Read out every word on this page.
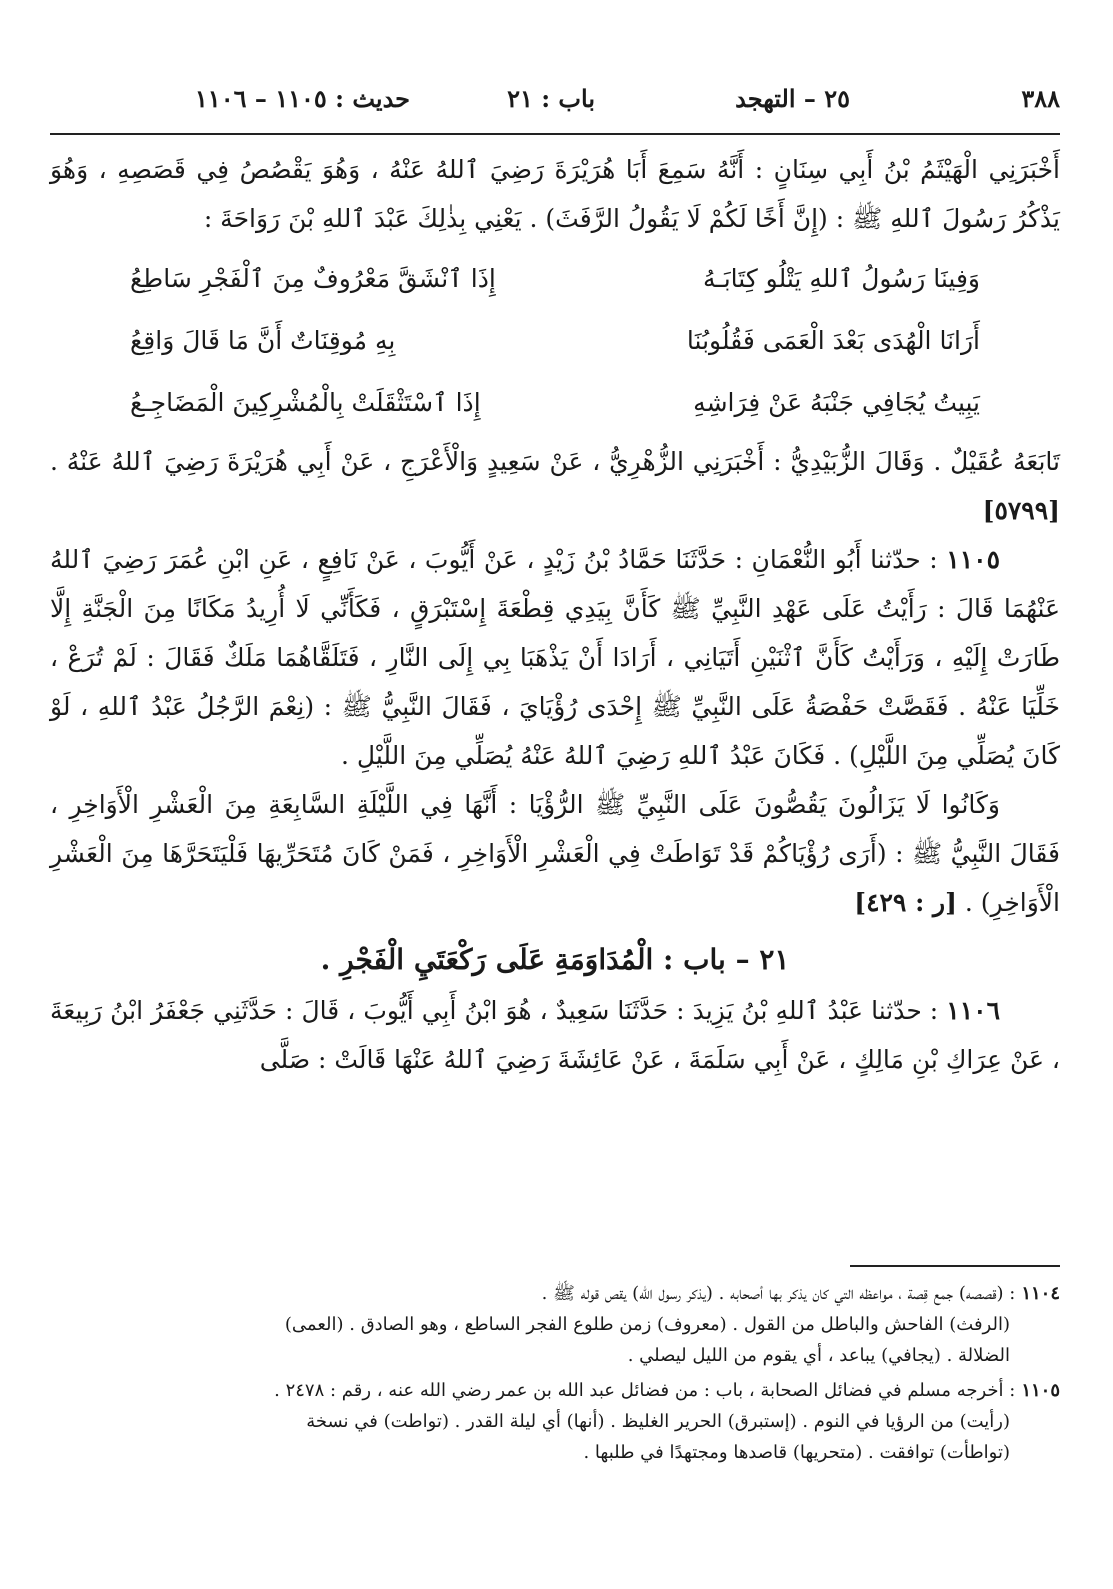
٣٨٨
٢٥ – التهجد
باب : ٢١
حديث : ١١٠٥ – ١١٠٦

أَخْبَرَنِي الْهَيْثَمُ بْنُ أَبِي سِنَانٍ : أَنَّهُ سَمِعَ أَبَا هُرَيْرَةَ رَضِيَ ٱللهُ عَنْهُ ، وَهُوَ يَقْصُصُ فِي قَصَصِهِ ، وَهُوَ يَذْكُرُ رَسُولَ ٱللهِ ﷺ : (إِنَّ أَخًا لَكُمْ لَا يَقُولُ الرَّفَثَ) . يَعْنِي بِذٰلِكَ عَبْدَ ٱللهِ بْنَ رَوَاحَةَ :

وَفِينَا رَسُولُ ٱللهِ يَتْلُو كِتَابَـهُ
إِذَا ٱنْشَقَّ مَعْرُوفٌ مِنَ ٱلْفَجْرِ سَاطِعُ
أَرَانَا الْهُدَى بَعْدَ الْعَمَى فَقُلُوبُنَا
بِهِ مُوقِنَاتٌ أَنَّ مَا قَالَ وَاقِعُ
يَبِيتُ يُجَافِي جَنْبَهُ عَنْ فِرَاشِهِ
إِذَا ٱسْتَثْقَلَتْ بِالْمُشْرِكِينَ الْمَضَاجِـعُ

تَابَعَهُ عُقَيْلٌ . وَقَالَ الزُّبَيْدِيُّ : أَخْبَرَنِي الزُّهْرِيُّ ، عَنْ سَعِيدٍ وَالْأَعْرَجِ ، عَنْ أَبِي هُرَيْرَةَ رَضِيَ ٱللهُ عَنْهُ . [٥٧٩٩]

١١٠٥ : حدّثنا أَبُو النُّعْمَانِ : حَدَّثَنَا حَمَّادُ بْنُ زَيْدٍ ، عَنْ أَيُّوبَ ، عَنْ نَافِعٍ ، عَنِ ابْنِ عُمَرَ رَضِيَ ٱللهُ عَنْهُمَا قَالَ : رَأَيْتُ عَلَى عَهْدِ النَّبِيِّ ﷺ كَأَنَّ بِيَدِي قِطْعَةَ إِسْتَبْرَقٍ ، فَكَأَنِّي لَا أُرِيدُ مَكَانًا مِنَ الْجَنَّةِ إِلَّا طَارَتْ إِلَيْهِ ، وَرَأَيْتُ كَأَنَّ ٱثْنَيْنِ أَتَيَانِي ، أَرَادَا أَنْ يَذْهَبَا بِي إِلَى النَّارِ ، فَتَلَقَّاهُمَا مَلَكٌ فَقَالَ : لَمْ تُرَعْ ، خَلِّيَا عَنْهُ . فَقَصَّتْ حَفْصَةُ عَلَى النَّبِيِّ ﷺ إِحْدَى رُؤْيَايَ ، فَقَالَ النَّبِيُّ ﷺ : (نِعْمَ الرَّجُلُ عَبْدُ ٱللهِ ، لَوْ كَانَ يُصَلِّي مِنَ اللَّيْلِ) . فَكَانَ عَبْدُ ٱللهِ رَضِيَ ٱللهُ عَنْهُ يُصَلِّي مِنَ اللَّيْلِ .

وَكَانُوا لَا يَزَالُونَ يَقُصُّونَ عَلَى النَّبِيِّ ﷺ الرُّؤْيَا : أَنَّهَا فِي اللَّيْلَةِ السَّابِعَةِ مِنَ الْعَشْرِ الْأَوَاخِرِ ، فَقَالَ النَّبِيُّ ﷺ : (أَرَى رُؤْيَاكُمْ قَدْ تَوَاطَتْ فِي الْعَشْرِ الْأَوَاخِرِ ، فَمَنْ كَانَ مُتَحَرِّيهَا فَلْيَتَحَرَّهَا مِنَ الْعَشْرِ الْأَوَاخِرِ) . [ر : ٤٢٩]

٢١ – باب : الْمُدَاوَمَةِ عَلَى رَكْعَتَيِ الْفَجْرِ .

١١٠٦ : حدّثنا عَبْدُ ٱللهِ بْنُ يَزِيدَ : حَدَّثَنَا سَعِيدٌ ، هُوَ ابْنُ أَبِي أَيُّوبَ ، قَالَ : حَدَّثَنِي جَعْفَرُ ابْنُ رَبِيعَةَ ، عَنْ عِرَاكِ بْنِ مَالِكٍ ، عَنْ أَبِي سَلَمَةَ ، عَنْ عَائِشَةَ رَضِيَ ٱللهُ عَنْهَا قَالَتْ : صَلَّى

١١٠٤: (قصصه) جمع قِصة ، مواعظه التي كان يذكر بها أصحابه . (يذكر رسول الله) يقص قوله ﷺ .

(الرفث) الفاحش والباطل من القول . (معروف) زمن طلوع الفجر الساطع ، وهو الصادق . (العمى)

الضلالة . (يجافي) يباعد ، أي يقوم من الليل ليصلي .

١١٠٥: أخرجه مسلم في فضائل الصحابة ، باب : من فضائل عبد الله بن عمر رضي الله عنه ، رقم : ٢٤٧٨ .

(رأيت) من الرؤيا في النوم . (إستبرق) الحرير الغليظ . (أنها) أي ليلة القدر . (تواطت) في نسخة

(تواطأت) توافقت . (متحريها) قاصدها ومجتهدًا في طلبها .
